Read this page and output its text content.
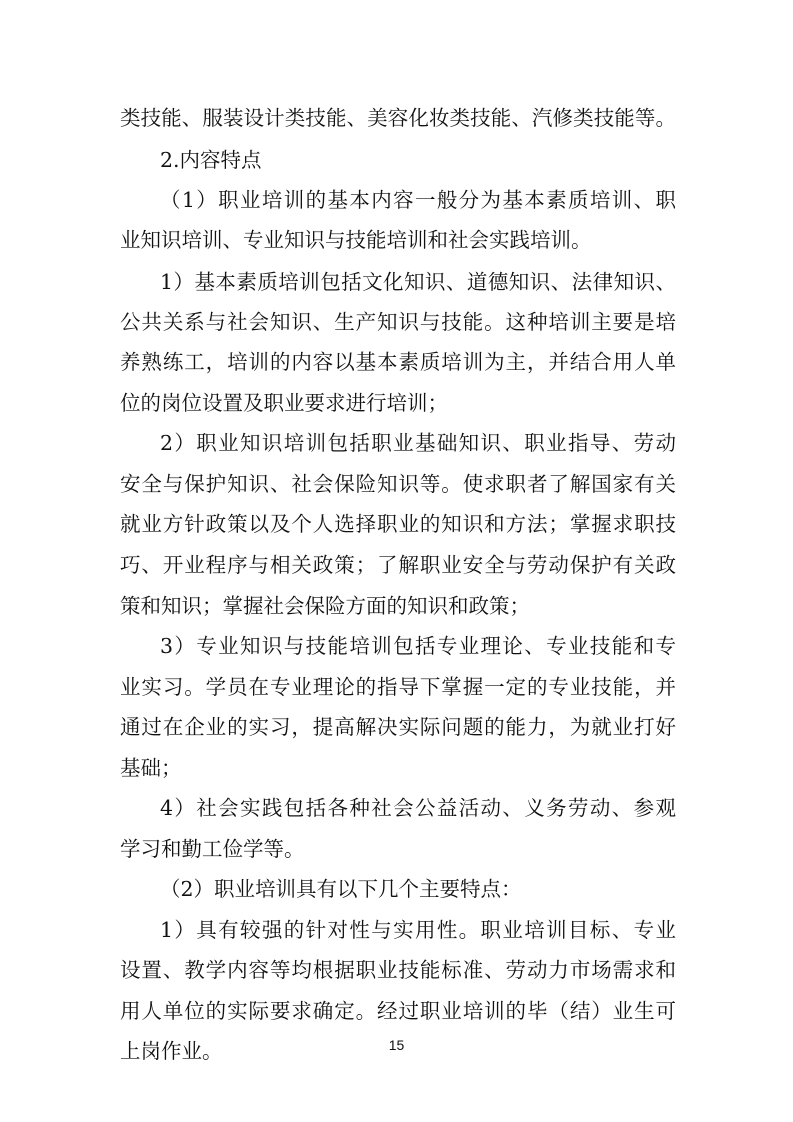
类技能、服装设计类技能、美容化妆类技能、汽修类技能等。
2.内容特点
（1）职业培训的基本内容一般分为基本素质培训、职
业知识培训、专业知识与技能培训和社会实践培训。
1）基本素质培训包括文化知识、道德知识、法律知识、
公共关系与社会知识、生产知识与技能。这种培训主要是培
养熟练工，培训的内容以基本素质培训为主，并结合用人单
位的岗位设置及职业要求进行培训；
2）职业知识培训包括职业基础知识、职业指导、劳动
安全与保护知识、社会保险知识等。使求职者了解国家有关
就业方针政策以及个人选择职业的知识和方法；掌握求职技
巧、开业程序与相关政策；了解职业安全与劳动保护有关政
策和知识；掌握社会保险方面的知识和政策；
3）专业知识与技能培训包括专业理论、专业技能和专
业实习。学员在专业理论的指导下掌握一定的专业技能，并
通过在企业的实习，提高解决实际问题的能力，为就业打好
基础；
4）社会实践包括各种社会公益活动、义务劳动、参观
学习和勤工俭学等。
（2）职业培训具有以下几个主要特点：
1）具有较强的针对性与实用性。职业培训目标、专业
设置、教学内容等均根据职业技能标准、劳动力市场需求和
用人单位的实际要求确定。经过职业培训的毕（结）业生可
上岗作业。	15
